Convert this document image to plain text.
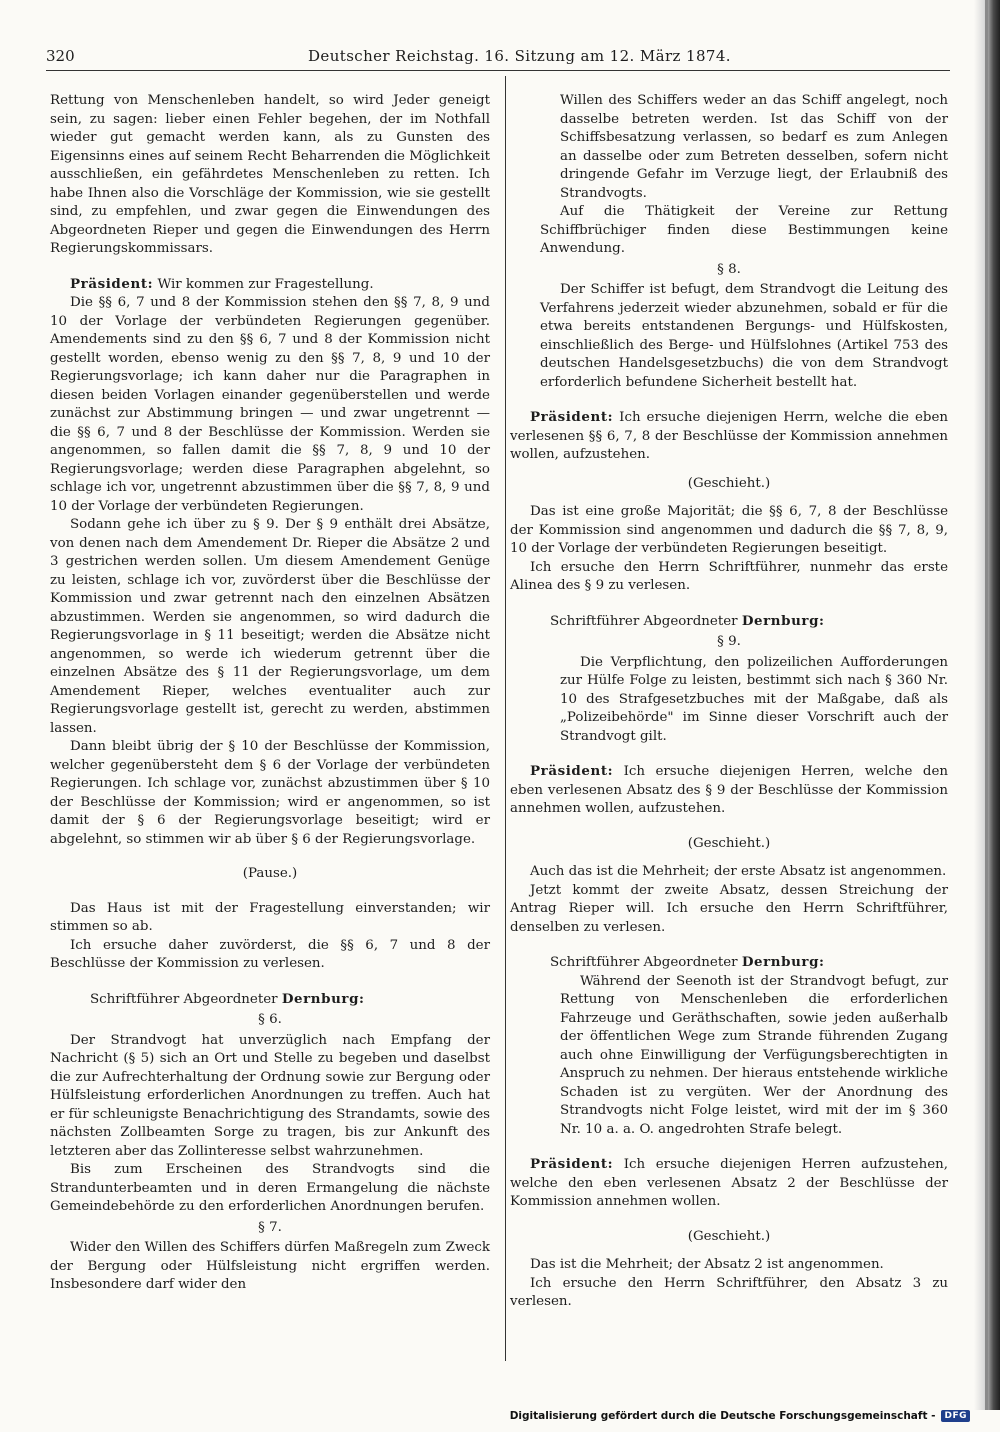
320	Deutscher Reichstag. 16. Sitzung am 12. März 1874.

Rettung von Menschenleben handelt, so wird Jeder geneigt sein, zu sagen: lieber einen Fehler begehen, der im Nothfall wieder gut gemacht werden kann, als zu Gunsten des Eigensinns eines auf seinem Recht Beharrenden die Möglichkeit ausschließen, ein gefährdetes Menschenleben zu retten. Ich habe Ihnen also die Vorschläge der Kommission, wie sie gestellt sind, zu empfehlen, und zwar gegen die Einwendungen des Abgeordneten Rieper und gegen die Einwendungen des Herrn Regierungskommissars.

Präsident: Wir kommen zur Fragestellung.

Die §§ 6, 7 und 8 der Kommission stehen den §§ 7, 8, 9 und 10 der Vorlage der verbündeten Regierungen gegenüber. Amendements sind zu den §§ 6, 7 und 8 der Kommission nicht gestellt worden, ebenso wenig zu den §§ 7, 8, 9 und 10 der Regierungsvorlage; ich kann daher nur die Paragraphen in diesen beiden Vorlagen einander gegenüberstellen und werde zunächst zur Abstimmung bringen — und zwar ungetrennt — die §§ 6, 7 und 8 der Beschlüsse der Kommission. Werden sie angenommen, so fallen damit die §§ 7, 8, 9 und 10 der Regierungsvorlage; werden diese Paragraphen abgelehnt, so schlage ich vor, ungetrennt abzustimmen über die §§ 7, 8, 9 und 10 der Vorlage der verbündeten Regierungen.

Sodann gehe ich über zu § 9. Der § 9 enthält drei Absätze, von denen nach dem Amendement Dr. Rieper die Absätze 2 und 3 gestrichen werden sollen. Um diesem Amendement Genüge zu leisten, schlage ich vor, zuvörderst über die Beschlüsse der Kommission und zwar getrennt nach den einzelnen Absätzen abzustimmen. Werden sie angenommen, so wird dadurch die Regierungsvorlage in § 11 beseitigt; werden die Absätze nicht angenommen, so werde ich wiederum getrennt über die einzelnen Absätze des § 11 der Regierungsvorlage, um dem Amendement Rieper, welches eventualiter auch zur Regierungsvorlage gestellt ist, gerecht zu werden, abstimmen lassen.

Dann bleibt übrig der § 10 der Beschlüsse der Kommission, welcher gegenübersteht dem § 6 der Vorlage der verbündeten Regierungen. Ich schlage vor, zunächst abzustimmen über § 10 der Beschlüsse der Kommission; wird er angenommen, so ist damit der § 6 der Regierungsvorlage beseitigt; wird er abgelehnt, so stimmen wir ab über § 6 der Regierungsvorlage.

(Pause.)

Das Haus ist mit der Fragestellung einverstanden; wir stimmen so ab.

Ich ersuche daher zuvörderst, die §§ 6, 7 und 8 der Beschlüsse der Kommission zu verlesen.

Schriftführer Abgeordneter Dernburg:

§ 6.

Der Strandvogt hat unverzüglich nach Empfang der Nachricht (§ 5) sich an Ort und Stelle zu begeben und daselbst die zur Aufrechterhaltung der Ordnung sowie zur Bergung oder Hülfsleistung erforderlichen Anordnungen zu treffen. Auch hat er für schleunigste Benachrichtigung des Strandamts, sowie des nächsten Zollbeamten Sorge zu tragen, bis zur Ankunft des letzteren aber das Zollinteresse selbst wahrzunehmen.

Bis zum Erscheinen des Strandvogts sind die Strandunterbeamten und in deren Ermangelung die nächste Gemeindebehörde zu den erforderlichen Anordnungen berufen.

§ 7.

Wider den Willen des Schiffers dürfen Maßregeln zum Zweck der Bergung oder Hülfsleistung nicht ergriffen werden. Insbesondere darf wider den

Willen des Schiffers weder an das Schiff angelegt, noch dasselbe betreten werden. Ist das Schiff von der Schiffsbesatzung verlassen, so bedarf es zum Anlegen an dasselbe oder zum Betreten desselben, sofern nicht dringende Gefahr im Verzuge liegt, der Erlaubniß des Strandvogts.

Auf die Thätigkeit der Vereine zur Rettung Schiffbrüchiger finden diese Bestimmungen keine Anwendung.

§ 8.

Der Schiffer ist befugt, dem Strandvogt die Leitung des Verfahrens jederzeit wieder abzunehmen, sobald er für die etwa bereits entstandenen Bergungs- und Hülfskosten, einschließlich des Berge- und Hülfslohnes (Artikel 753 des deutschen Handelsgesetzbuchs) die von dem Strandvogt erforderlich befundene Sicherheit bestellt hat.

Präsident: Ich ersuche diejenigen Herrn, welche die eben verlesenen §§ 6, 7, 8 der Beschlüsse der Kommission annehmen wollen, aufzustehen.

(Geschieht.)

Das ist eine große Majorität; die §§ 6, 7, 8 der Beschlüsse der Kommission sind angenommen und dadurch die §§ 7, 8, 9, 10 der Vorlage der verbündeten Regierungen beseitigt.

Ich ersuche den Herrn Schriftführer, nunmehr das erste Alinea des § 9 zu verlesen.

Schriftführer Abgeordneter Dernburg:

§ 9.

Die Verpflichtung, den polizeilichen Aufforderungen zur Hülfe Folge zu leisten, bestimmt sich nach § 360 Nr. 10 des Strafgesetzbuches mit der Maßgabe, daß als „Polizeibehörde" im Sinne dieser Vorschrift auch der Strandvogt gilt.

Präsident: Ich ersuche diejenigen Herren, welche den eben verlesenen Absatz des § 9 der Beschlüsse der Kommission annehmen wollen, aufzustehen.

(Geschieht.)

Auch das ist die Mehrheit; der erste Absatz ist angenommen.

Jetzt kommt der zweite Absatz, dessen Streichung der Antrag Rieper will. Ich ersuche den Herrn Schriftführer, denselben zu verlesen.

Schriftführer Abgeordneter Dernburg:

Während der Seenoth ist der Strandvogt befugt, zur Rettung von Menschenleben die erforderlichen Fahrzeuge und Geräthschaften, sowie jeden außerhalb der öffentlichen Wege zum Strande führenden Zugang auch ohne Einwilligung der Verfügungsberechtigten in Anspruch zu nehmen. Der hieraus entstehende wirkliche Schaden ist zu vergüten. Wer der Anordnung des Strandvogts nicht Folge leistet, wird mit der im § 360 Nr. 10 a. a. O. angedrohten Strafe belegt.

Präsident: Ich ersuche diejenigen Herren aufzustehen, welche den eben verlesenen Absatz 2 der Beschlüsse der Kommission annehmen wollen.

(Geschieht.)

Das ist die Mehrheit; der Absatz 2 ist angenommen.

Ich ersuche den Herrn Schriftführer, den Absatz 3 zu verlesen.

Digitalisierung gefördert durch die Deutsche Forschungsgemeinschaft -	DFG
